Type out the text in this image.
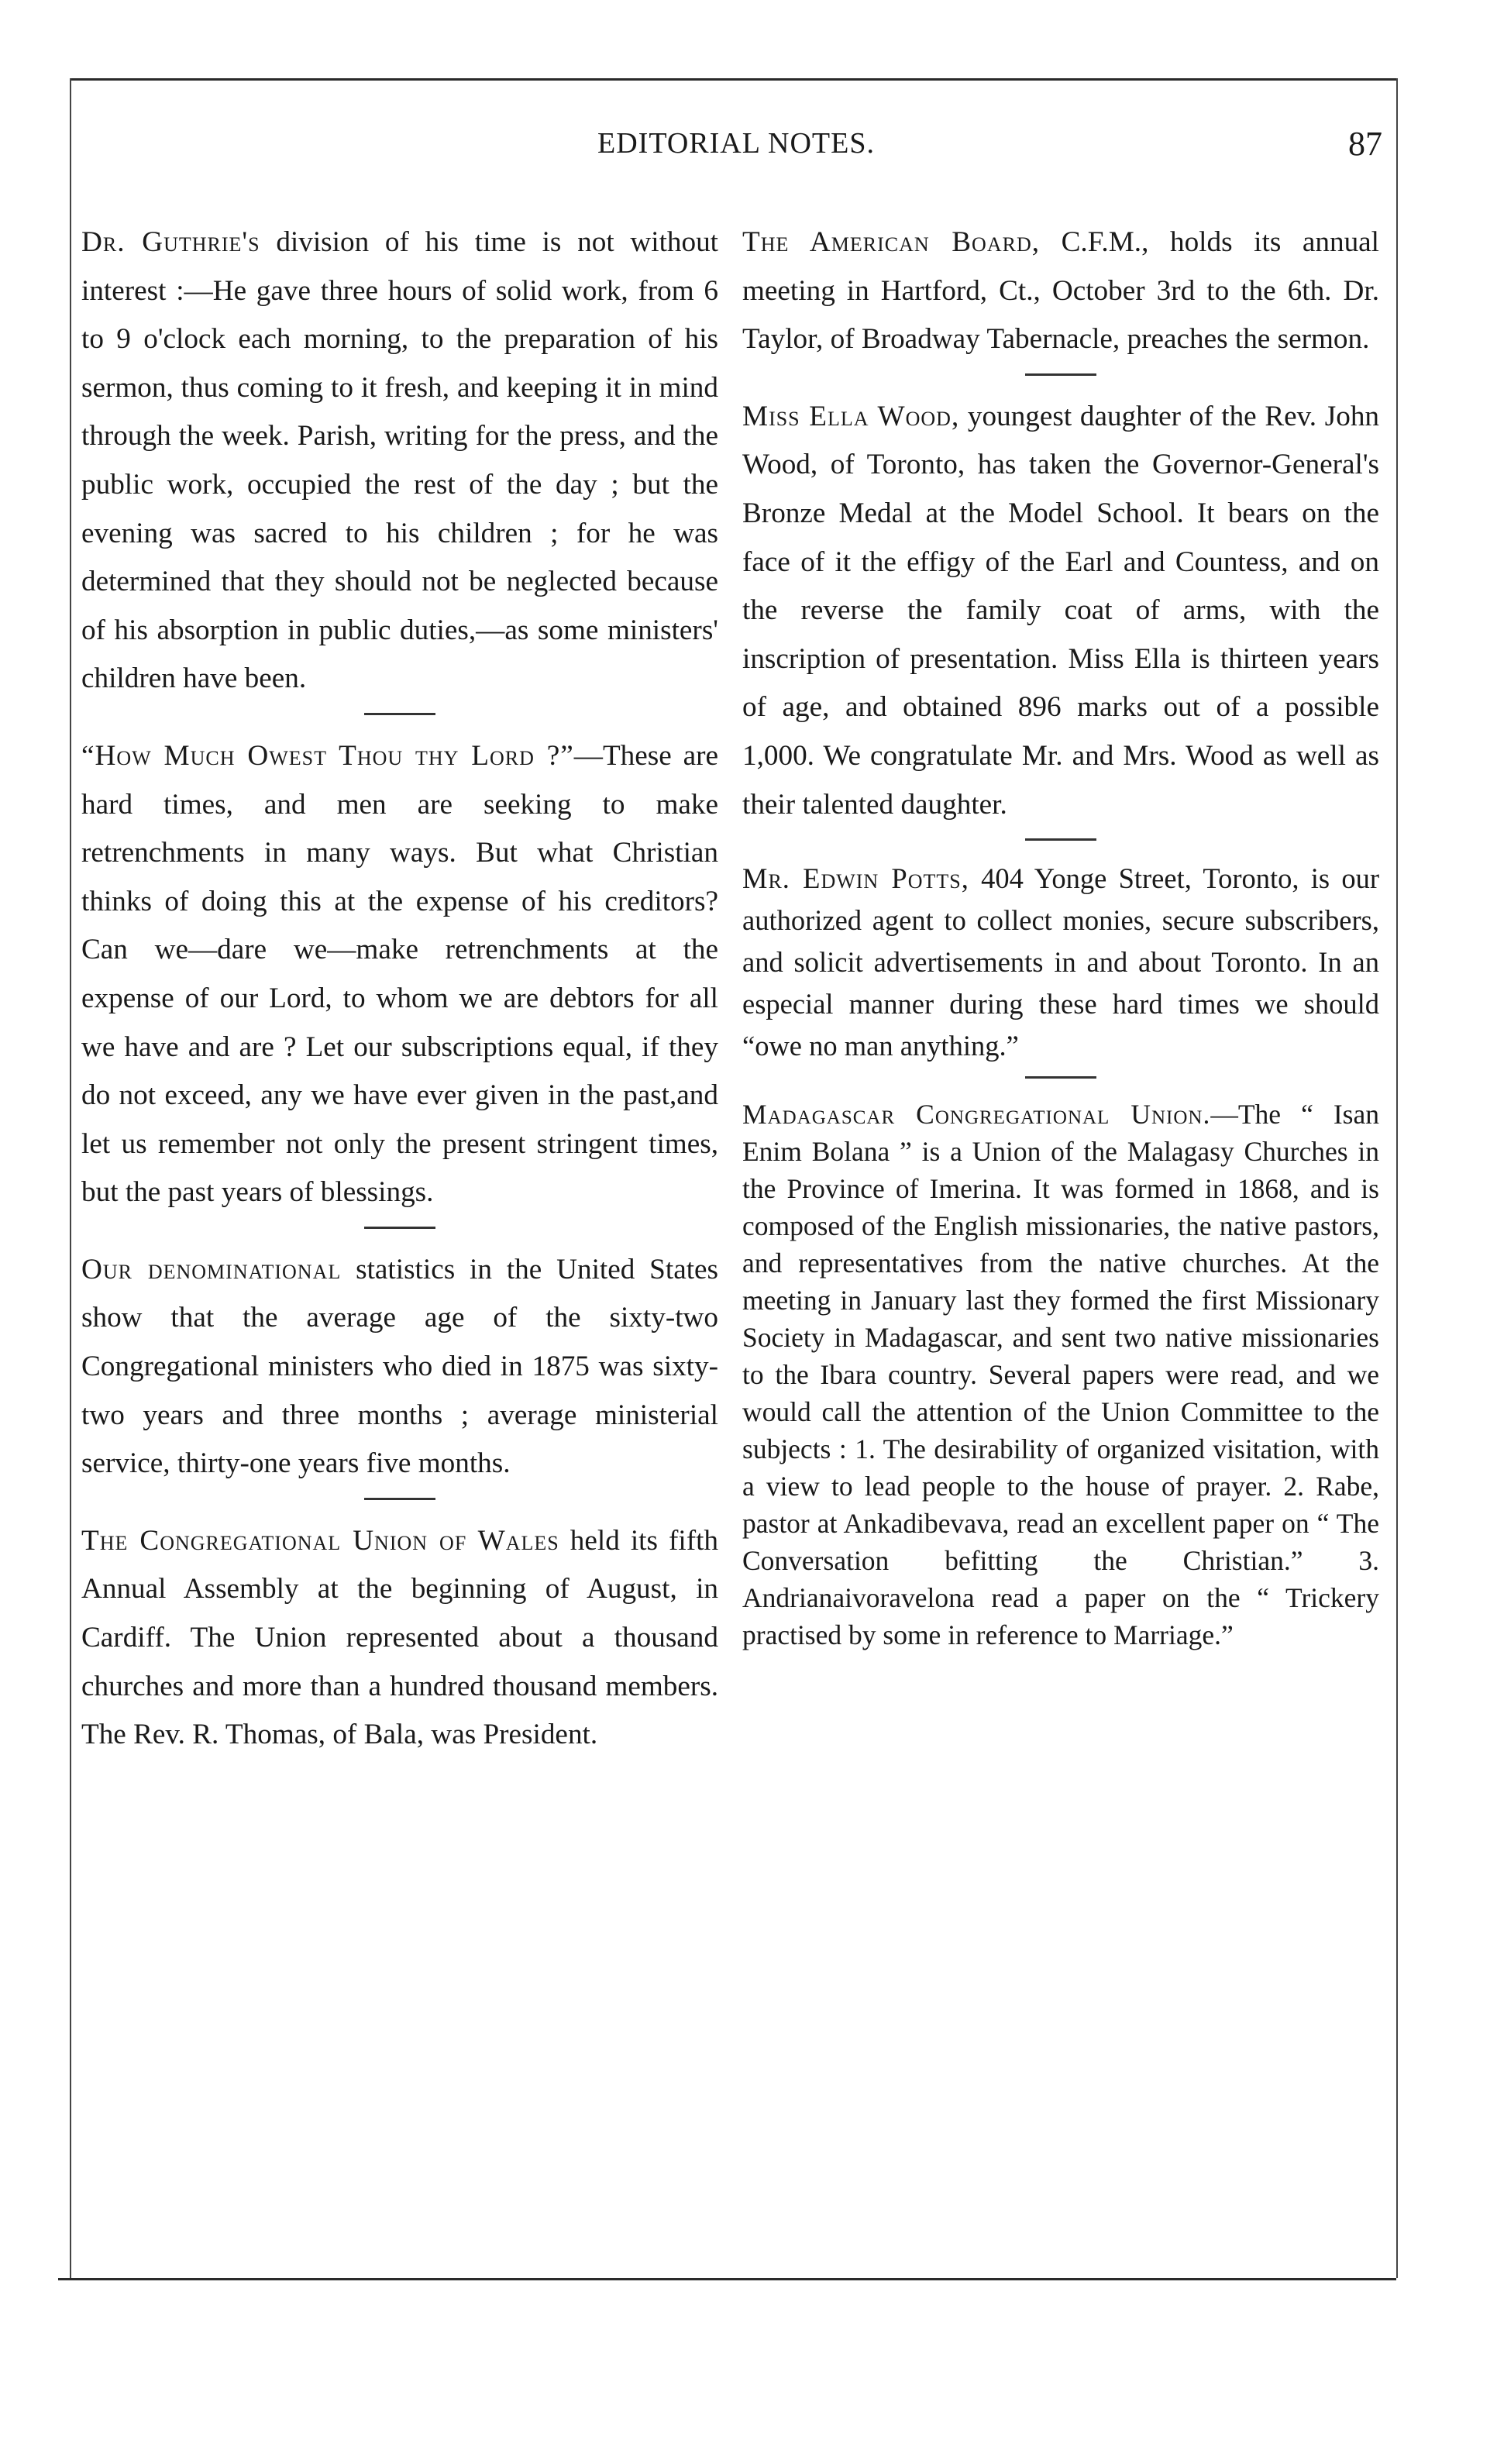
EDITORIAL NOTES.	87

Dr. Guthrie's division of his time is not without interest :—He gave three hours of solid work, from 6 to 9 o'clock each morning, to the preparation of his sermon, thus coming to it fresh, and keeping it in mind through the week. Parish, writing for the press, and the public work, occupied the rest of the day ; but the evening was sacred to his children ; for he was determined that they should not be neglected because of his absorption in public duties,—as some ministers' children have been.

“How Much Owest Thou thy Lord ?”—These are hard times, and men are seeking to make retrenchments in many ways. But what Christian thinks of doing this at the expense of his creditors? Can we—dare we—make retrenchments at the expense of our Lord, to whom we are debtors for all we have and are ? Let our subscriptions equal, if they do not exceed, any we have ever given in the past,and let us remember not only the present stringent times, but the past years of blessings.

Our denominational statistics in the United States show that the average age of the sixty-two Congregational ministers who died in 1875 was sixty-two years and three months ; average ministerial service, thirty-one years five months.

The Congregational Union of Wales held its fifth Annual Assembly at the beginning of August, in Cardiff. The Union represented about a thousand churches and more than a hundred thousand members. The Rev. R. Thomas, of Bala, was President.

The American Board, C.F.M., holds its annual meeting in Hartford, Ct., October 3rd to the 6th. Dr. Taylor, of Broadway Tabernacle, preaches the sermon.

Miss Ella Wood, youngest daughter of the Rev. John Wood, of Toronto, has taken the Governor-General's Bronze Medal at the Model School. It bears on the face of it the effigy of the Earl and Countess, and on the reverse the family coat of arms, with the inscription of presentation. Miss Ella is thirteen years of age, and obtained 896 marks out of a possible 1,000. We congratulate Mr. and Mrs. Wood as well as their talented daughter.

Mr. Edwin Potts, 404 Yonge Street, Toronto, is our authorized agent to collect monies, secure subscribers, and solicit advertisements in and about Toronto. In an especial manner during these hard times we should “owe no man anything.”

Madagascar Congregational Union.—The “ Isan Enim Bolana ” is a Union of the Malagasy Churches in the Province of Imerina. It was formed in 1868, and is composed of the English missionaries, the native pastors, and representatives from the native churches. At the meeting in January last they formed the first Missionary Society in Madagascar, and sent two native missionaries to the Ibara country. Several papers were read, and we would call the attention of the Union Committee to the subjects : 1. The desirability of organized visitation, with a view to lead people to the house of prayer. 2. Rabe, pastor at Ankadibevava, read an excellent paper on “ The Conversation befitting the Christian.” 3. Andrianaivoravelona read a paper on the “ Trickery practised by some in reference to Marriage.”
